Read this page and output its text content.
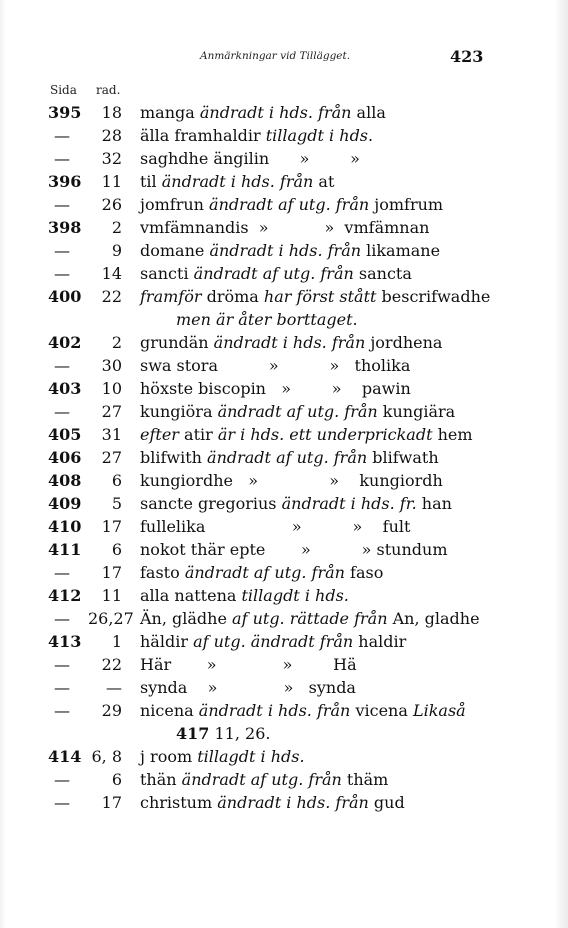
Anmärkningar vid Tillägget.	423
Sida rad.
395	18 manga ändradt i hds. från alla
—	28 älla framhaldir tillagdt i hds.
—	32 saghdhe ängilin      »        »
396	11 til ändradt i hds. från at
—	26 jomfrun ändradt af utg. från jomfrum
398	2 vmfämnandis  »           »  vmfämnan
—	9 domane ändradt i hds. från likamane
—	14 sancti ändradt af utg. från sancta
400	22 framför dröma har först stått bescrifwadhe
men är åter borttaget.
402	2 grundän ändradt i hds. från jordhena
—	30 swa stora          »          »   tholika
403	10 höxste biscopin   »        »    pawin
—	27 kungiöra ändradt af utg. från kungiära
405	31 efter atir är i hds. ett underprickadt hem
406	27 blifwith ändradt af utg. från blifwath
408	6 kungiordhe   »              »    kungiordh
409	5 sancte gregorius ändradt i hds. fr. han
410	17 fullelika                 »          »    fult
411	6 nokot thär epte       »          » stundum
—	17 fasto ändradt af utg. från faso
412	11 alla nattena tillagdt i hds.
—	26,27 Än, glädhe af utg. rättade från An, gladhe
413	1 häldir af utg. ändradt från haldir
—	22 Här       »             »        Hä
—	— synda    »             »   synda
—	29 nicena ändradt i hds. från vicena Likaså
417 11, 26.
414 6, 8 j room tillagdt i hds.
—	6 thän ändradt af utg. från thäm
—	17 christum ändradt i hds. från gud
